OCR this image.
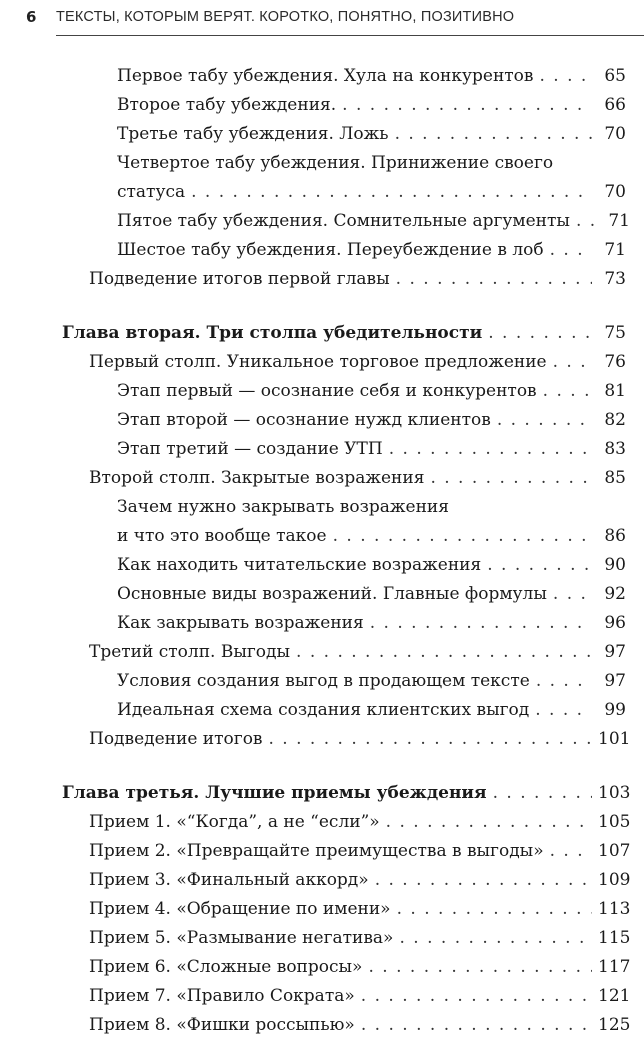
6 ТЕКСТЫ, КОТОРЫМ ВЕРЯТ. КОРОТКО, ПОНЯТНО, ПОЗИТИВНО
Первое табу убеждения. Хула на конкурентов . . .	65
Второе табу убеждения. . . .	66
Третье табу убеждения. Ложь . . .	70
Четвертое табу убеждения. Принижение своего
статуса . . .	70
Пятое табу убеждения. Сомнительные аргументы . . .	71
Шестое табу убеждения. Переубеждение в лоб . . .	71
Подведение итогов первой главы . . .	73
Глава вторая. Три столпа убедительности . . .	75
Первый столп. Уникальное торговое предложение . . .	76
Этап первый — осознание себя и конкурентов . . .	81
Этап второй — осознание нужд клиентов . . .	82
Этап третий — создание УТП . . .	83
Второй столп. Закрытые возражения . . .	85
Зачем нужно закрывать возражения
и что это вообще такое . . .	86
Как находить читательские возражения . . .	90
Основные виды возражений. Главные формулы . . .	92
Как закрывать возражения . . .	96
Третий столп. Выгоды . . .	97
Условия создания выгод в продающем тексте . . .	97
Идеальная схема создания клиентских выгод . . .	99
Подведение итогов . . .	101
Глава третья. Лучшие приемы убеждения . . .	103
Прием 1. «“Когда”, а не “если”» . . .	105
Прием 2. «Превращайте преимущества в выгоды» . . .	107
Прием 3. «Финальный аккорд» . . .	109
Прием 4. «Обращение по имени» . . .	113
Прием 5. «Размывание негатива» . . .	115
Прием 6. «Сложные вопросы» . . .	117
Прием 7. «Правило Сократа» . . .	121
Прием 8. «Фишки россыпью» . . .	125
